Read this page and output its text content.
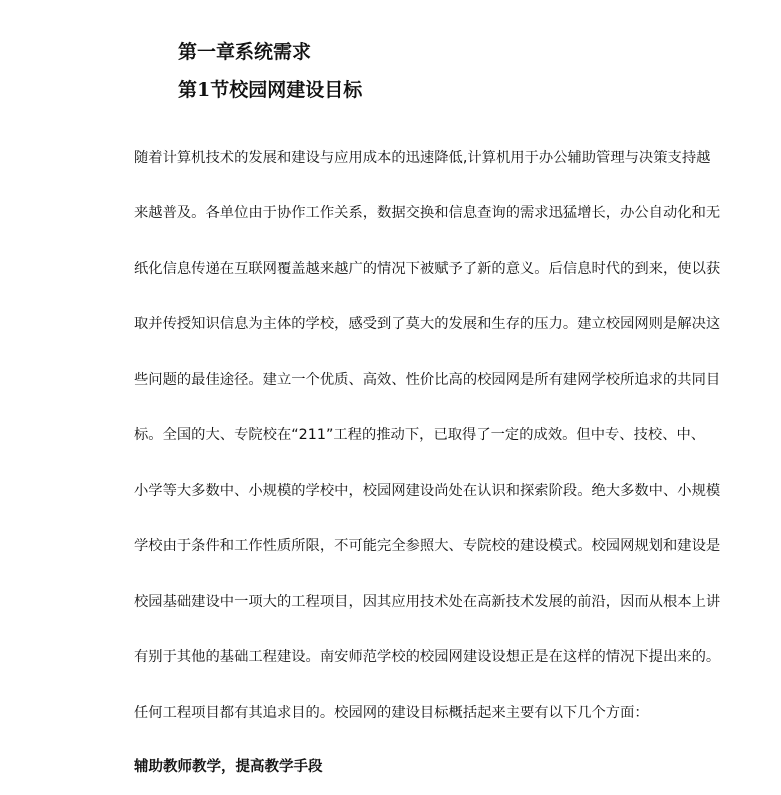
第一章系统需求
第1节校园网建设目标

随着计算机技术的发展和建设与应用成本的迅速降低,计算机用于办公辅助管理与决策支持越

来越普及。各单位由于协作工作关系，数据交换和信息查询的需求迅猛增长，办公自动化和无

纸化信息传递在互联网覆盖越来越广的情况下被赋予了新的意义。后信息时代的到来，使以获

取并传授知识信息为主体的学校，感受到了莫大的发展和生存的压力。建立校园网则是解决这

些问题的最佳途径。建立一个优质、高效、性价比高的校园网是所有建网学校所追求的共同目

标。全国的大、专院校在“211”工程的推动下，已取得了一定的成效。但中专、技校、中、

小学等大多数中、小规模的学校中，校园网建设尚处在认识和探索阶段。绝大多数中、小规模

学校由于条件和工作性质所限，不可能完全参照大、专院校的建设模式。校园网规划和建设是

校园基础建设中一项大的工程项目，因其应用技术处在高新技术发展的前沿，因而从根本上讲

有别于其他的基础工程建设。南安师范学校的校园网建设设想正是在这样的情况下提出来的。

任何工程项目都有其追求目的。校园网的建设目标概括起来主要有以下几个方面：

辅助教师教学，提高教学手段
